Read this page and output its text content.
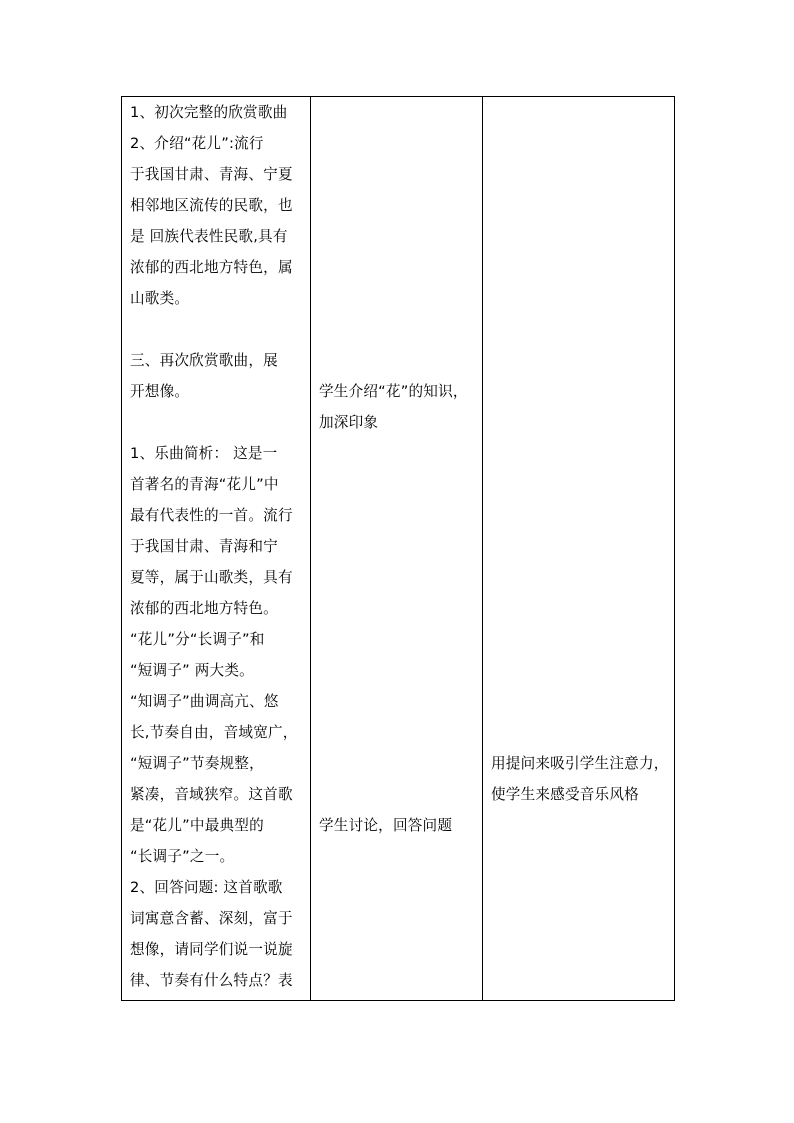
1、初次完整的欣赏歌曲
2、介绍“花儿”:流行
于我国甘肃、青海、宁夏
相邻地区流传的民歌，也
是 回族代表性民歌,具有
浓郁的西北地方特色，属
山歌类。
三、再次欣赏歌曲，展
开想像。
1、乐曲简析： 这是一
首著名的青海“花儿”中
最有代表性的一首。流行
于我国甘肃、青海和宁
夏等，属于山歌类，具有
浓郁的西北地方特色。
“花儿”分“长调子”和
“短调子” 两大类。
“知调子”曲调高亢、悠
长,节奏自由，音域宽广，
“短调子”节奏规整，
紧凑，音域狭窄。这首歌
是“花儿”中最典型的
“长调子”之一。
2、回答问题: 这首歌歌
词寓意含蓄、深刻，富于
想像，请同学们说一说旋
律、节奏有什么特点？表

学生介绍“花”的知识，
加深印象
学生讨论，回答问题

用提问来吸引学生注意力，
使学生来感受音乐风格
